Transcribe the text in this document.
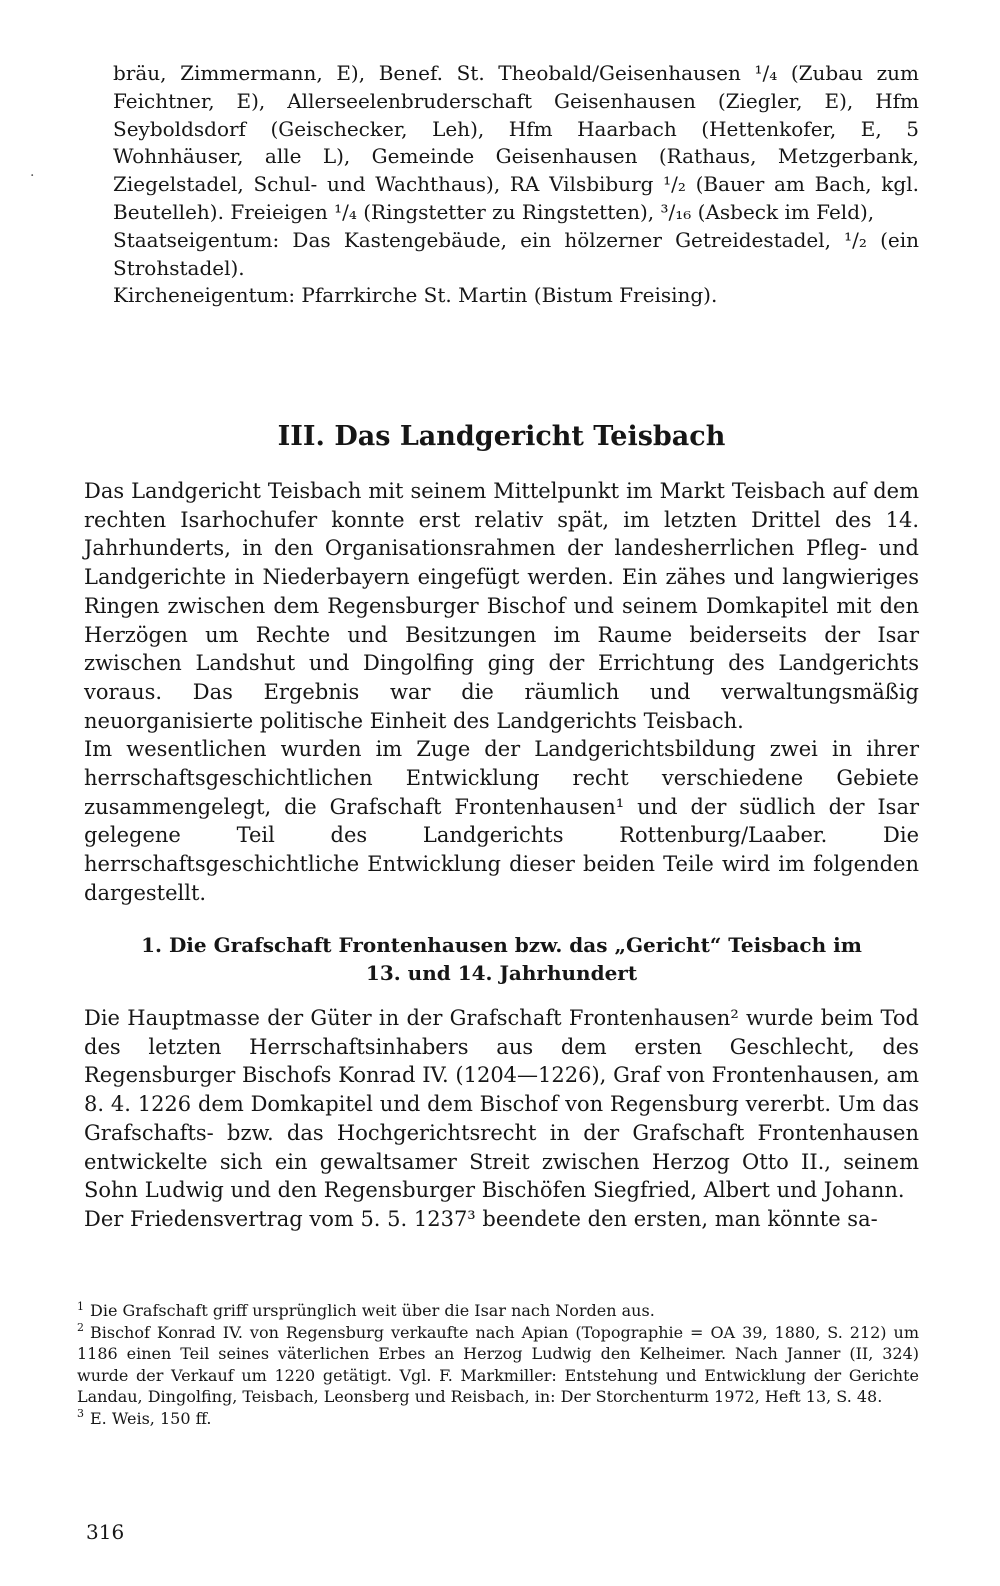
·

bräu, Zimmermann, E), Benef. St. Theobald/Geisenhausen ¹/₄ (Zubau zum Feichtner, E), Allerseelenbruderschaft Geisenhausen (Ziegler, E), Hfm Seyboldsdorf (Geischecker, Leh), Hfm Haarbach (Hettenkofer, E, 5 Wohnhäuser, alle L), Gemeinde Geisenhausen (Rathaus, Metzgerbank, Ziegelstadel, Schul- und Wachthaus), RA Vilsbiburg ¹/₂ (Bauer am Bach, kgl. Beutelleh). Freieigen ¹/₄ (Ringstetter zu Ringstetten), ³/₁₆ (Asbeck im Feld),

Staatseigentum: Das Kastengebäude, ein hölzerner Getreidestadel, ¹/₂ (ein Strohstadel).

Kircheneigentum: Pfarrkirche St. Martin (Bistum Freising).

III. Das Landgericht Teisbach

Das Landgericht Teisbach mit seinem Mittelpunkt im Markt Teisbach auf dem rechten Isarhochufer konnte erst relativ spät, im letzten Drittel des 14. Jahrhunderts, in den Organisationsrahmen der landesherrlichen Pfleg- und Landgerichte in Niederbayern eingefügt werden. Ein zähes und langwieriges Ringen zwischen dem Regensburger Bischof und seinem Domkapitel mit den Herzögen um Rechte und Besitzungen im Raume beiderseits der Isar zwischen Landshut und Dingolfing ging der Errichtung des Landgerichts voraus. Das Ergebnis war die räumlich und verwaltungsmäßig neuorganisierte politische Einheit des Landgerichts Teisbach.

Im wesentlichen wurden im Zuge der Landgerichtsbildung zwei in ihrer herrschaftsgeschichtlichen Entwicklung recht verschiedene Gebiete zusammengelegt, die Grafschaft Frontenhausen¹ und der südlich der Isar gelegene Teil des Landgerichts Rottenburg/Laaber. Die herrschaftsgeschichtliche Entwicklung dieser beiden Teile wird im folgenden dargestellt.

1. Die Grafschaft Frontenhausen bzw. das „Gericht“ Teisbach im
13. und 14. Jahrhundert

Die Hauptmasse der Güter in der Grafschaft Frontenhausen² wurde beim Tod des letzten Herrschaftsinhabers aus dem ersten Geschlecht, des Regensburger Bischofs Konrad IV. (1204—1226), Graf von Frontenhausen, am 8. 4. 1226 dem Domkapitel und dem Bischof von Regensburg vererbt. Um das Grafschafts- bzw. das Hochgerichtsrecht in der Grafschaft Frontenhausen entwickelte sich ein gewaltsamer Streit zwischen Herzog Otto II., seinem Sohn Ludwig und den Regensburger Bischöfen Siegfried, Albert und Johann.

Der Friedensvertrag vom 5. 5. 1237³ beendete den ersten, man könnte sa-

$^1$ Die Grafschaft griff ursprünglich weit über die Isar nach Norden aus.

$^2$ Bischof Konrad IV. von Regensburg verkaufte nach Apian (Topographie = OA 39, 1880, S. 212) um 1186 einen Teil seines väterlichen Erbes an Herzog Ludwig den Kelheimer. Nach Janner (II, 324) wurde der Verkauf um 1220 getätigt. Vgl. F. Markmiller: Entstehung und Entwicklung der Gerichte Landau, Dingolfing, Teisbach, Leonsberg und Reisbach, in: Der Storchenturm 1972, Heft 13, S. 48.

$^3$ E. Weis, 150 ff.

316
